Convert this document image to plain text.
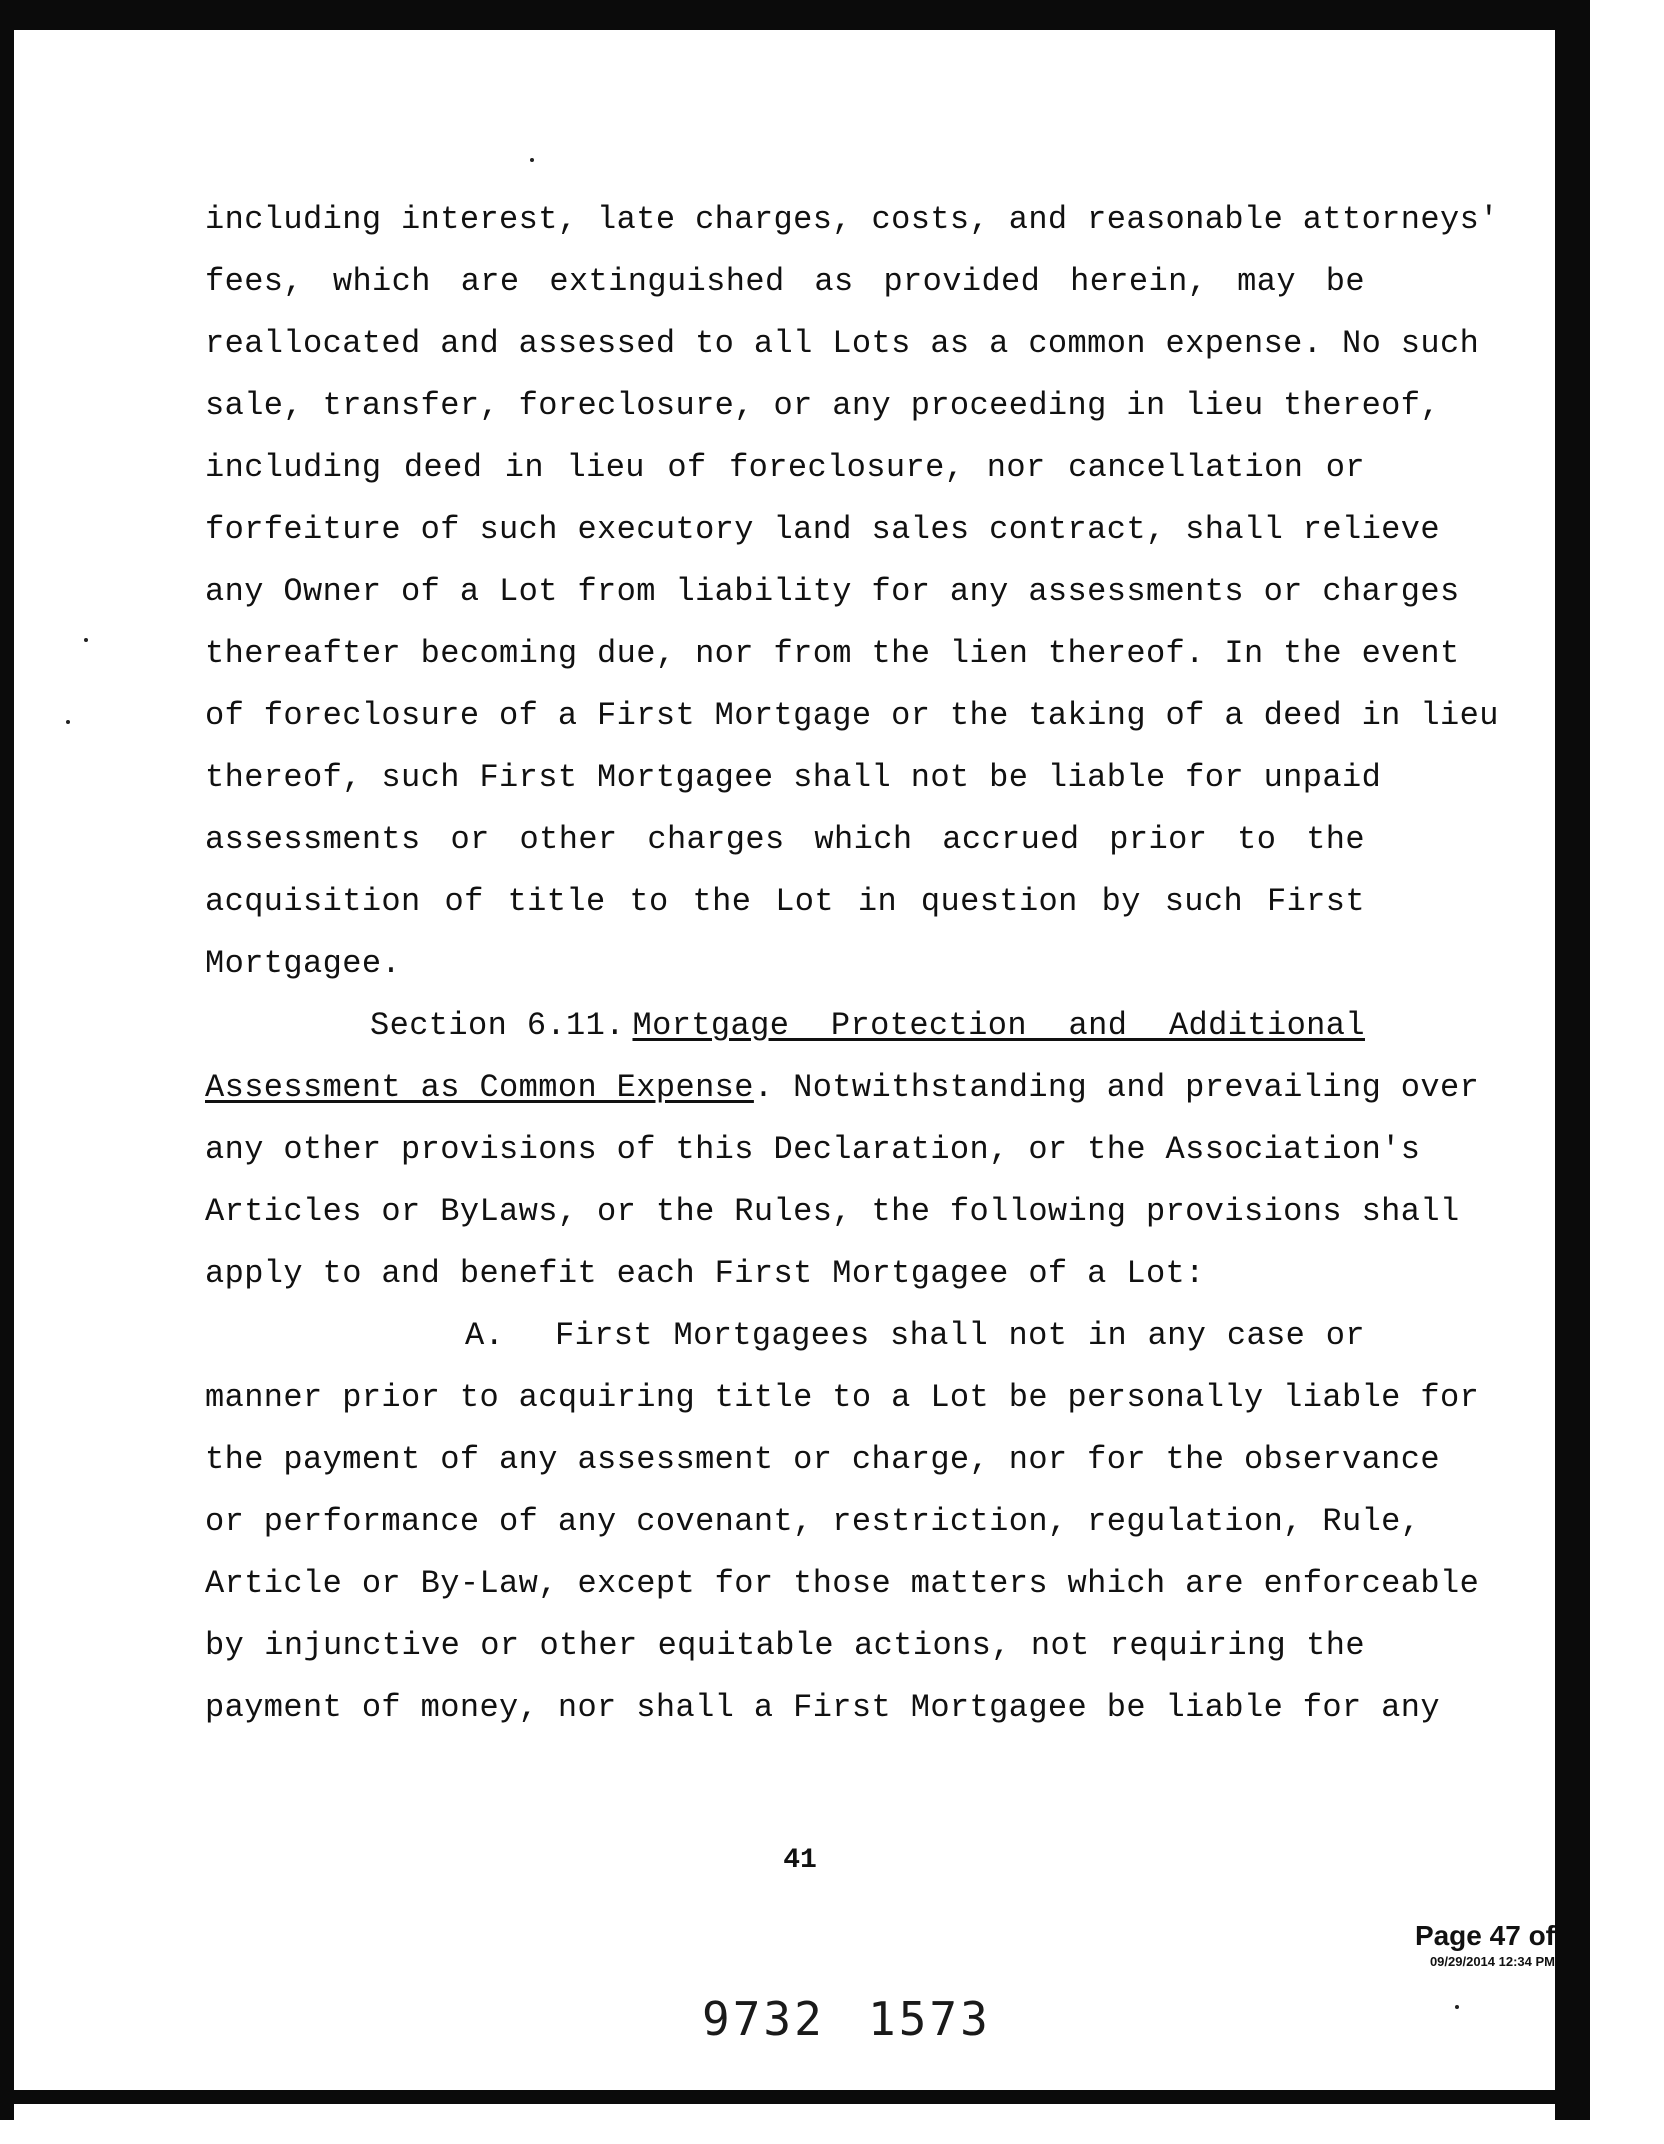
including interest, late charges, costs, and reasonable attorneys'
fees, which are extinguished as provided herein, may be
reallocated and assessed to all Lots as a common expense. No such
sale, transfer, foreclosure, or any proceeding in lieu thereof,
including deed in lieu of foreclosure, nor cancellation or
forfeiture of such executory land sales contract, shall relieve
any Owner of a Lot from liability for any assessments or charges
thereafter becoming due, nor from the lien thereof. In the event
of foreclosure of a First Mortgage or the taking of a deed in lieu
thereof, such First Mortgagee shall not be liable for unpaid
assessments or other charges which accrued prior to the
acquisition of title to the Lot in question by such First
Mortgagee.
Section 6.11. Mortgage Protection and Additional
Assessment as Common Expense. Notwithstanding and prevailing over
any other provisions of this Declaration, or the Association's
Articles or ByLaws, or the Rules, the following provisions shall
apply to and benefit each First Mortgagee of a Lot:
A.	First Mortgagees shall not in any case or
manner prior to acquiring title to a Lot be personally liable for
the payment of any assessment or charge, nor for the observance
or performance of any covenant, restriction, regulation, Rule,
Article or By-Law, except for those matters which are enforceable
by injunctive or other equitable actions, not requiring the
payment of money, nor shall a First Mortgagee be liable for any
41
Page 47 of
09/29/2014 12:34 PM
9732 1573
